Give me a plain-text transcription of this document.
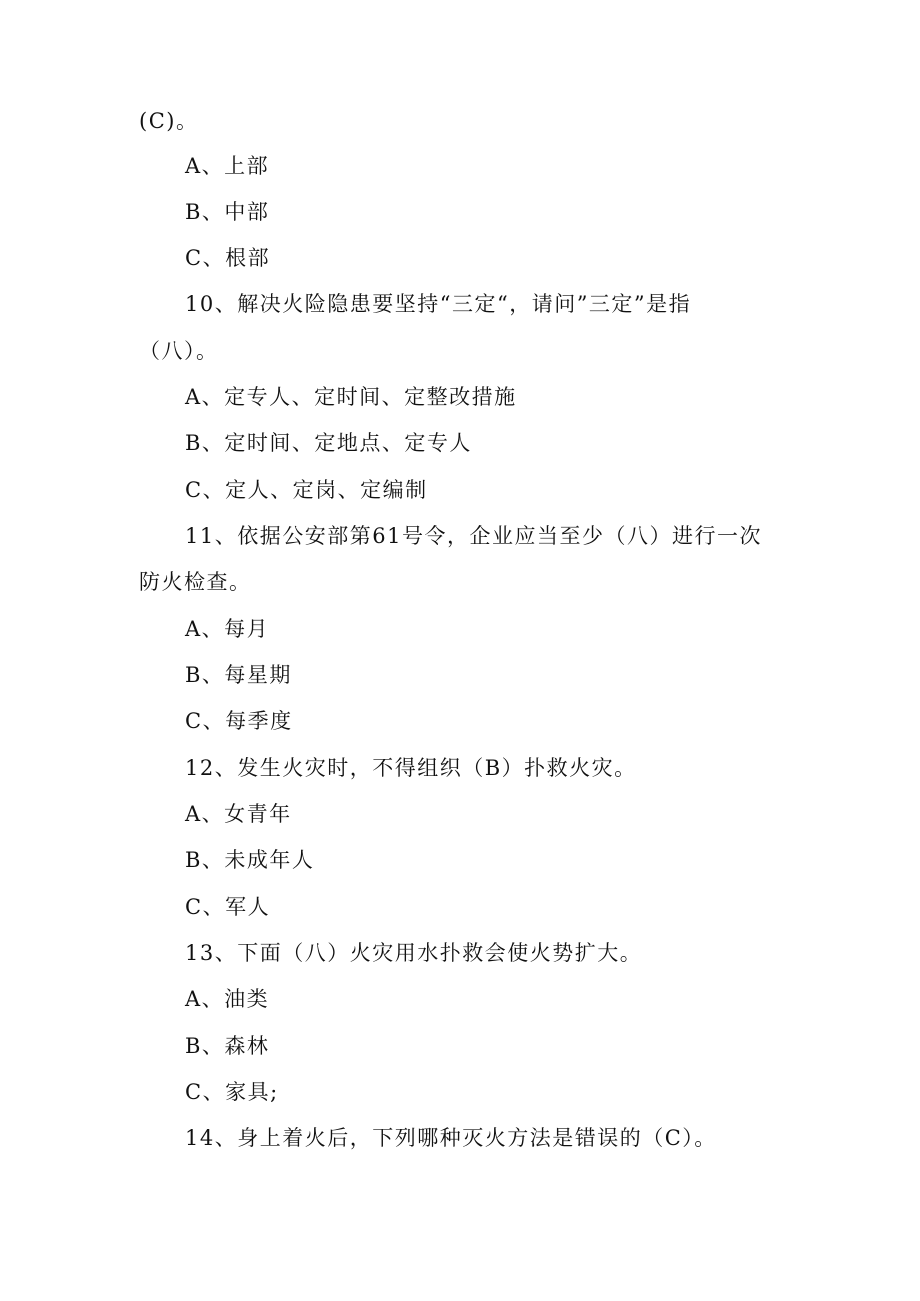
(C)。
A、上部
B、中部
C、根部
10、解决火险隐患要坚持“三定“，请问”三定”是指
（八）。
A、定专人、定时间、定整改措施
B、定时间、定地点、定专人
C、定人、定岗、定编制
11、依据公安部第61号令，企业应当至少（八）进行一次
防火检查。
A、每月
B、每星期
C、每季度
12、发生火灾时，不得组织（B）扑救火灾。
A、女青年
B、未成年人
C、军人
13、下面（八）火灾用水扑救会使火势扩大。
A、油类
B、森林
C、家具;
14、身上着火后，下列哪种灭火方法是错误的（C）。
